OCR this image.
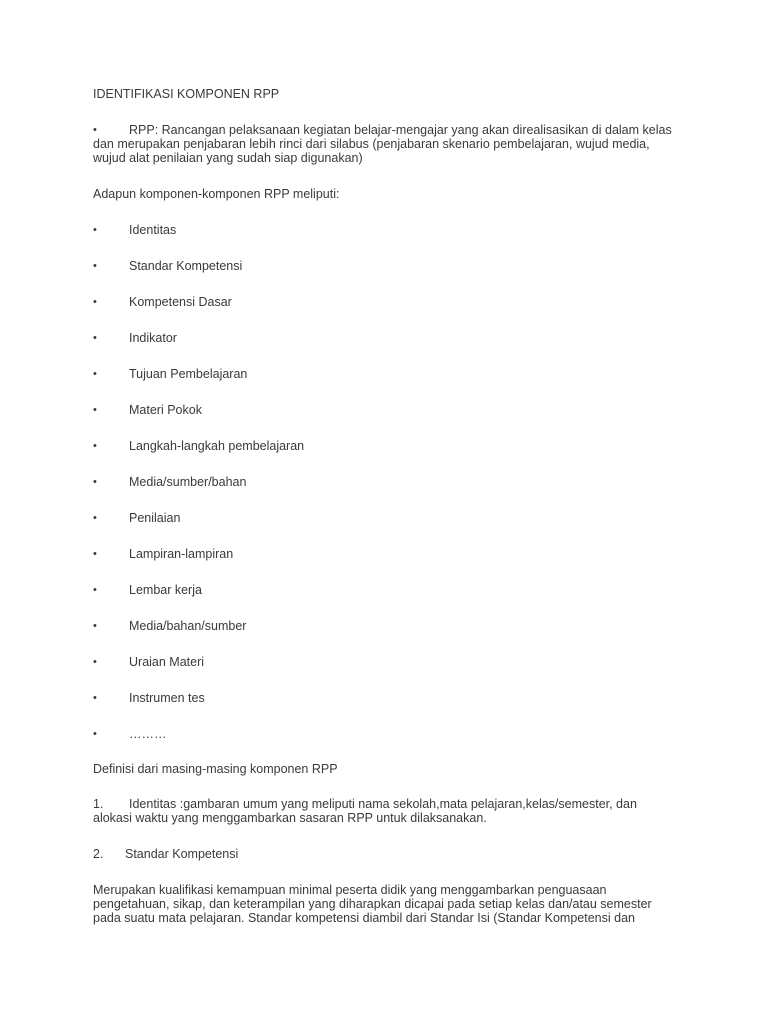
IDENTIFIKASI KOMPONEN RPP

•	RPP: Rancangan pelaksanaan kegiatan belajar-mengajar yang akan direalisasikan di dalam kelas dan merupakan penjabaran lebih rinci dari silabus (penjabaran skenario pembelajaran, wujud media, wujud alat penilaian yang sudah siap digunakan)

Adapun komponen-komponen RPP meliputi:

•	Identitas
•	Standar Kompetensi
•	Kompetensi Dasar
•	Indikator
•	Tujuan Pembelajaran
•	Materi Pokok
•	Langkah-langkah pembelajaran
•	Media/sumber/bahan
•	Penilaian
•	Lampiran-lampiran
•	Lembar kerja
•	Media/bahan/sumber
•	Uraian Materi
•	Instrumen tes
•	………

Definisi dari masing-masing komponen RPP

1. Identitas :gambaran umum yang meliputi nama sekolah,mata pelajaran,kelas/semester, dan alokasi waktu yang menggambarkan sasaran RPP untuk dilaksanakan.

2. Standar Kompetensi

Merupakan kualifikasi kemampuan minimal peserta didik yang menggambarkan penguasaan pengetahuan, sikap, dan keterampilan yang diharapkan dicapai pada setiap kelas dan/atau semester pada suatu mata pelajaran. Standar kompetensi diambil dari Standar Isi (Standar Kompetensi dan
